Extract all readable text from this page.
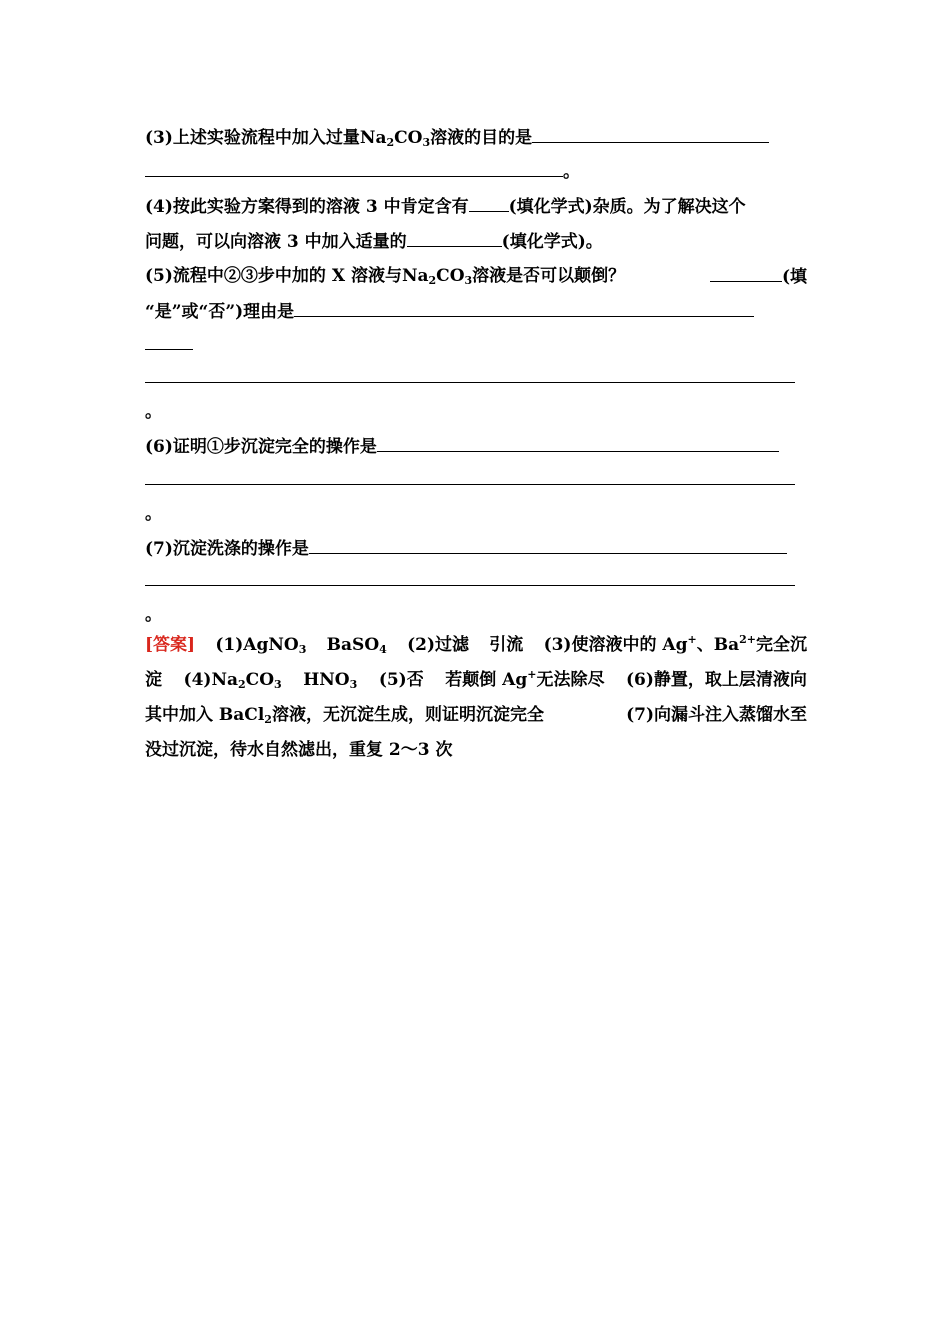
(3)上述实验流程中加入过量$Na_2CO_3$溶液的目的是
。
(4)按此实验方案得到的溶液 3 中肯定含有 (填化学式)杂质。为了解决这个
问题，可以向溶液 3 中加入适量的	(填化学式)。
(5)流程中②③步中加的 X 溶液与$Na_2CO_3$溶液是否可以颠倒？	(填
“是”或“否”)理由是
。
(6)证明①步沉淀完全的操作是
。
(7)沉淀洗涤的操作是
。
[答案] (1)AgNO$_3$ BaSO$_4$ (2)过滤 引流 (3)使溶液中的 Ag+、$Ba^{2+}$完全沉
淀 $(4)Na_2CO_3$ $HNO_3$ (5)否 若颠倒 Ag+无法除尽 (6)静置，取上层清液向
其中加入 BaCl$_2$溶液，无沉淀生成，则证明沉淀完全	(7)向漏斗注入蒸馏水至
没过沉淀，待水自然滤出，重复 2～3 次
